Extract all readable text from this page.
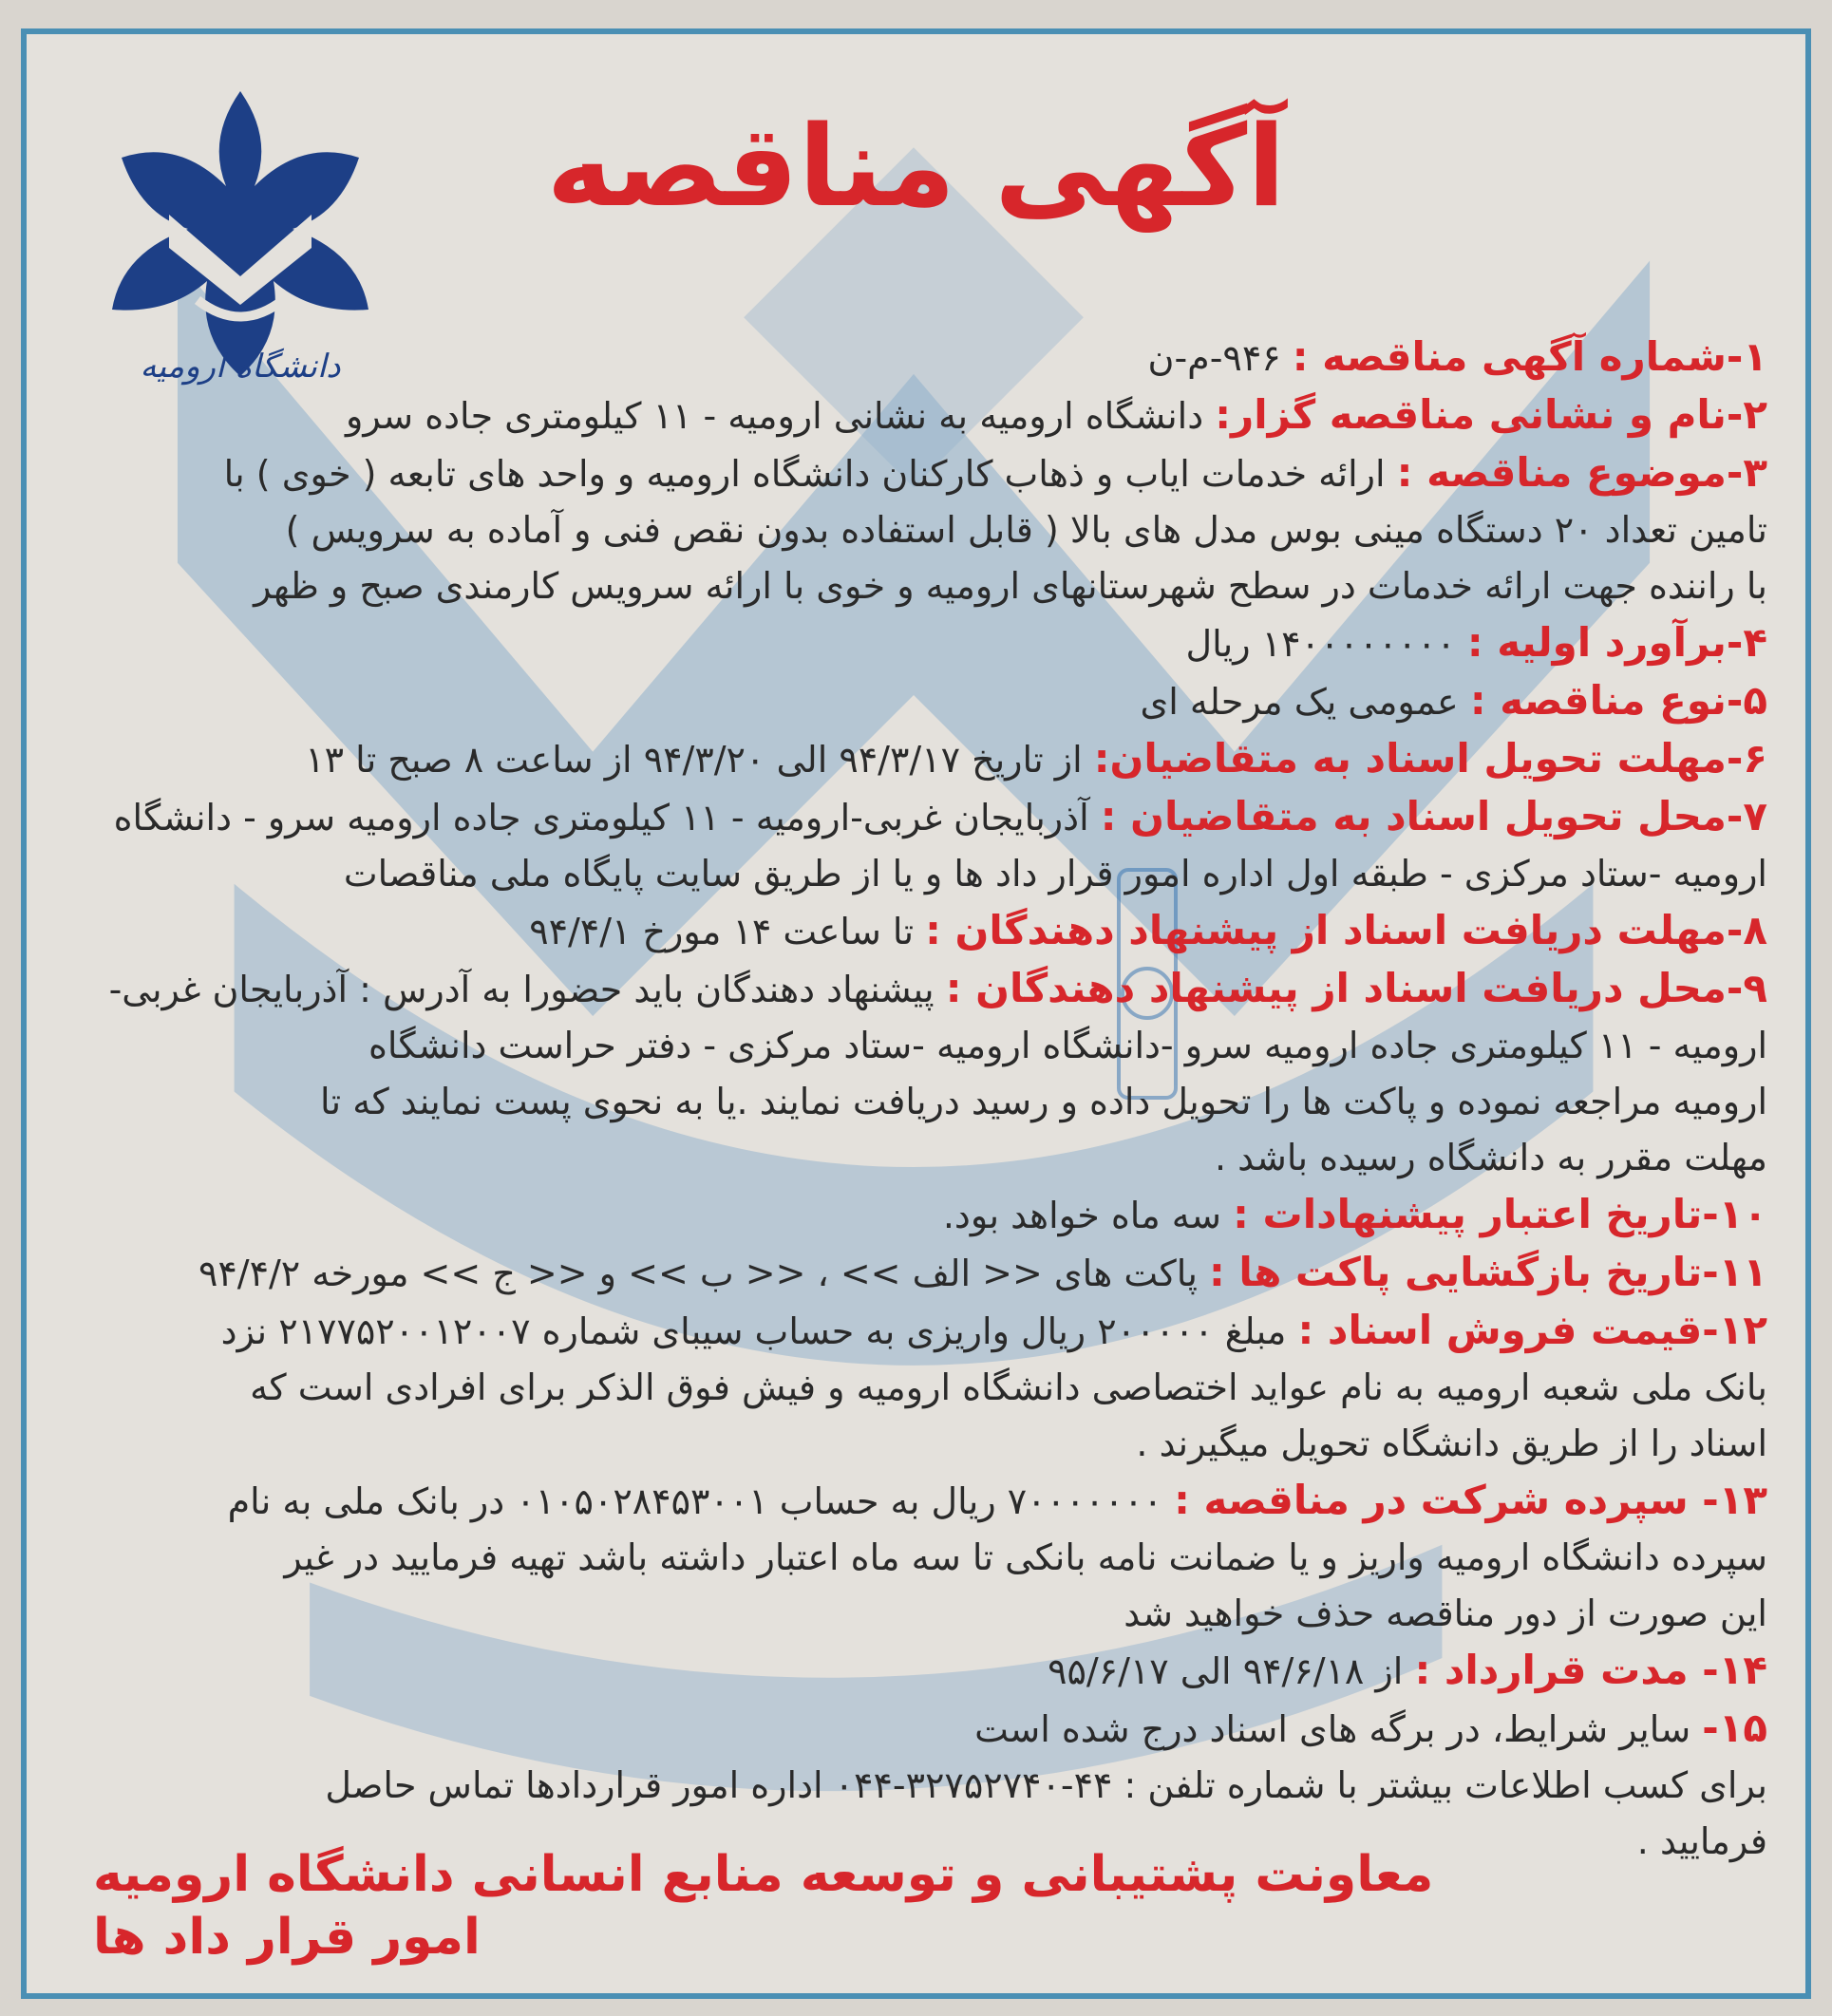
آگهی مناقصه
دانشگاه ارومیه	۱-شماره آگهی مناقصه : ۹۴۶-م-ن
۲-نام و نشانی مناقصه گزار: دانشگاه ارومیه به نشانی ارومیه - ۱۱ کیلومتری جاده سرو
۳-موضوع مناقصه : ارائه خدمات ایاب و ذهاب کارکنان دانشگاه ارومیه و واحد های تابعه ( خوی ) با
تامین تعداد ۲۰ دستگاه مینی بوس مدل های بالا ( قابل استفاده بدون نقص فنی و آماده به سرویس )
با راننده جهت ارائه خدمات در سطح شهرستانهای ارومیه و خوی با ارائه سرویس کارمندی صبح و ظهر
۴-برآورد اولیه : ۱۴۰۰۰۰۰۰۰۰ ریال
۵-نوع مناقصه : عمومی یک مرحله ای
۶-مهلت تحویل اسناد به متقاضیان: از تاریخ ۹۴/۳/۱۷ الی ۹۴/۳/۲۰ از ساعت ۸ صبح تا ۱۳
۷-محل تحویل اسناد به متقاضیان : آذربایجان غربی-ارومیه - ۱۱ کیلومتری جاده ارومیه سرو - دانشگاه
ارومیه -ستاد مرکزی - طبقه اول اداره امور قرار داد ها و یا از طریق سایت پایگاه ملی مناقصات
۸-مهلت دریافت اسناد از پیشنهاد دهندگان : تا ساعت ۱۴ مورخ ۹۴/۴/۱
۹-محل دریافت اسناد از پیشنهاد دهندگان : پیشنهاد دهندگان باید حضورا به آدرس : آذربایجان غربی-
ارومیه - ۱۱ کیلومتری جاده ارومیه سرو -دانشگاه ارومیه -ستاد مرکزی - دفتر حراست دانشگاه
ارومیه مراجعه نموده و پاکت ها را تحویل داده و رسید دریافت نمایند .یا به نحوی پست نمایند که تا
مهلت مقرر به دانشگاه رسیده باشد .
۱۰-تاریخ اعتبار پیشنهادات : سه ماه خواهد بود.
۱۱-تاریخ بازگشایی پاکت ها : پاکت های << الف >> ، << ب >> و << ج >> مورخه ۹۴/۴/۲
۱۲-قیمت فروش اسناد : مبلغ ۲۰۰۰۰۰ ریال واریزی به حساب سیبای شماره ۲۱۷۷۵۲۰۰۱۲۰۰۷ نزد
بانک ملی شعبه ارومیه به نام عواید اختصاصی دانشگاه ارومیه و فیش فوق الذکر برای افرادی است که
اسناد را از طریق دانشگاه تحویل میگیرند .
۱۳- سپرده شرکت در مناقصه : ۷۰۰۰۰۰۰۰ ریال به حساب ۰۱۰۵۰۲۸۴۵۳۰۰۱ در بانک ملی به نام
سپرده دانشگاه ارومیه واریز و یا ضمانت نامه بانکی تا سه ماه اعتبار داشته باشد تهیه فرمایید در غیر
این صورت از دور مناقصه حذف خواهید شد
۱۴- مدت قرارداد : از ۹۴/۶/۱۸ الی ۹۵/۶/۱۷
۱۵- سایر شرایط، در برگه های اسناد درج شده است
برای کسب اطلاعات بیشتر با شماره تلفن : ۴۴-۳۲۷۵۲۷۴۰-۰۴۴ اداره امور قراردادها تماس حاصل
فرمایید .
معاونت پشتیبانی و توسعه منابع انسانی دانشگاه ارومیه
امور قرار داد ها
